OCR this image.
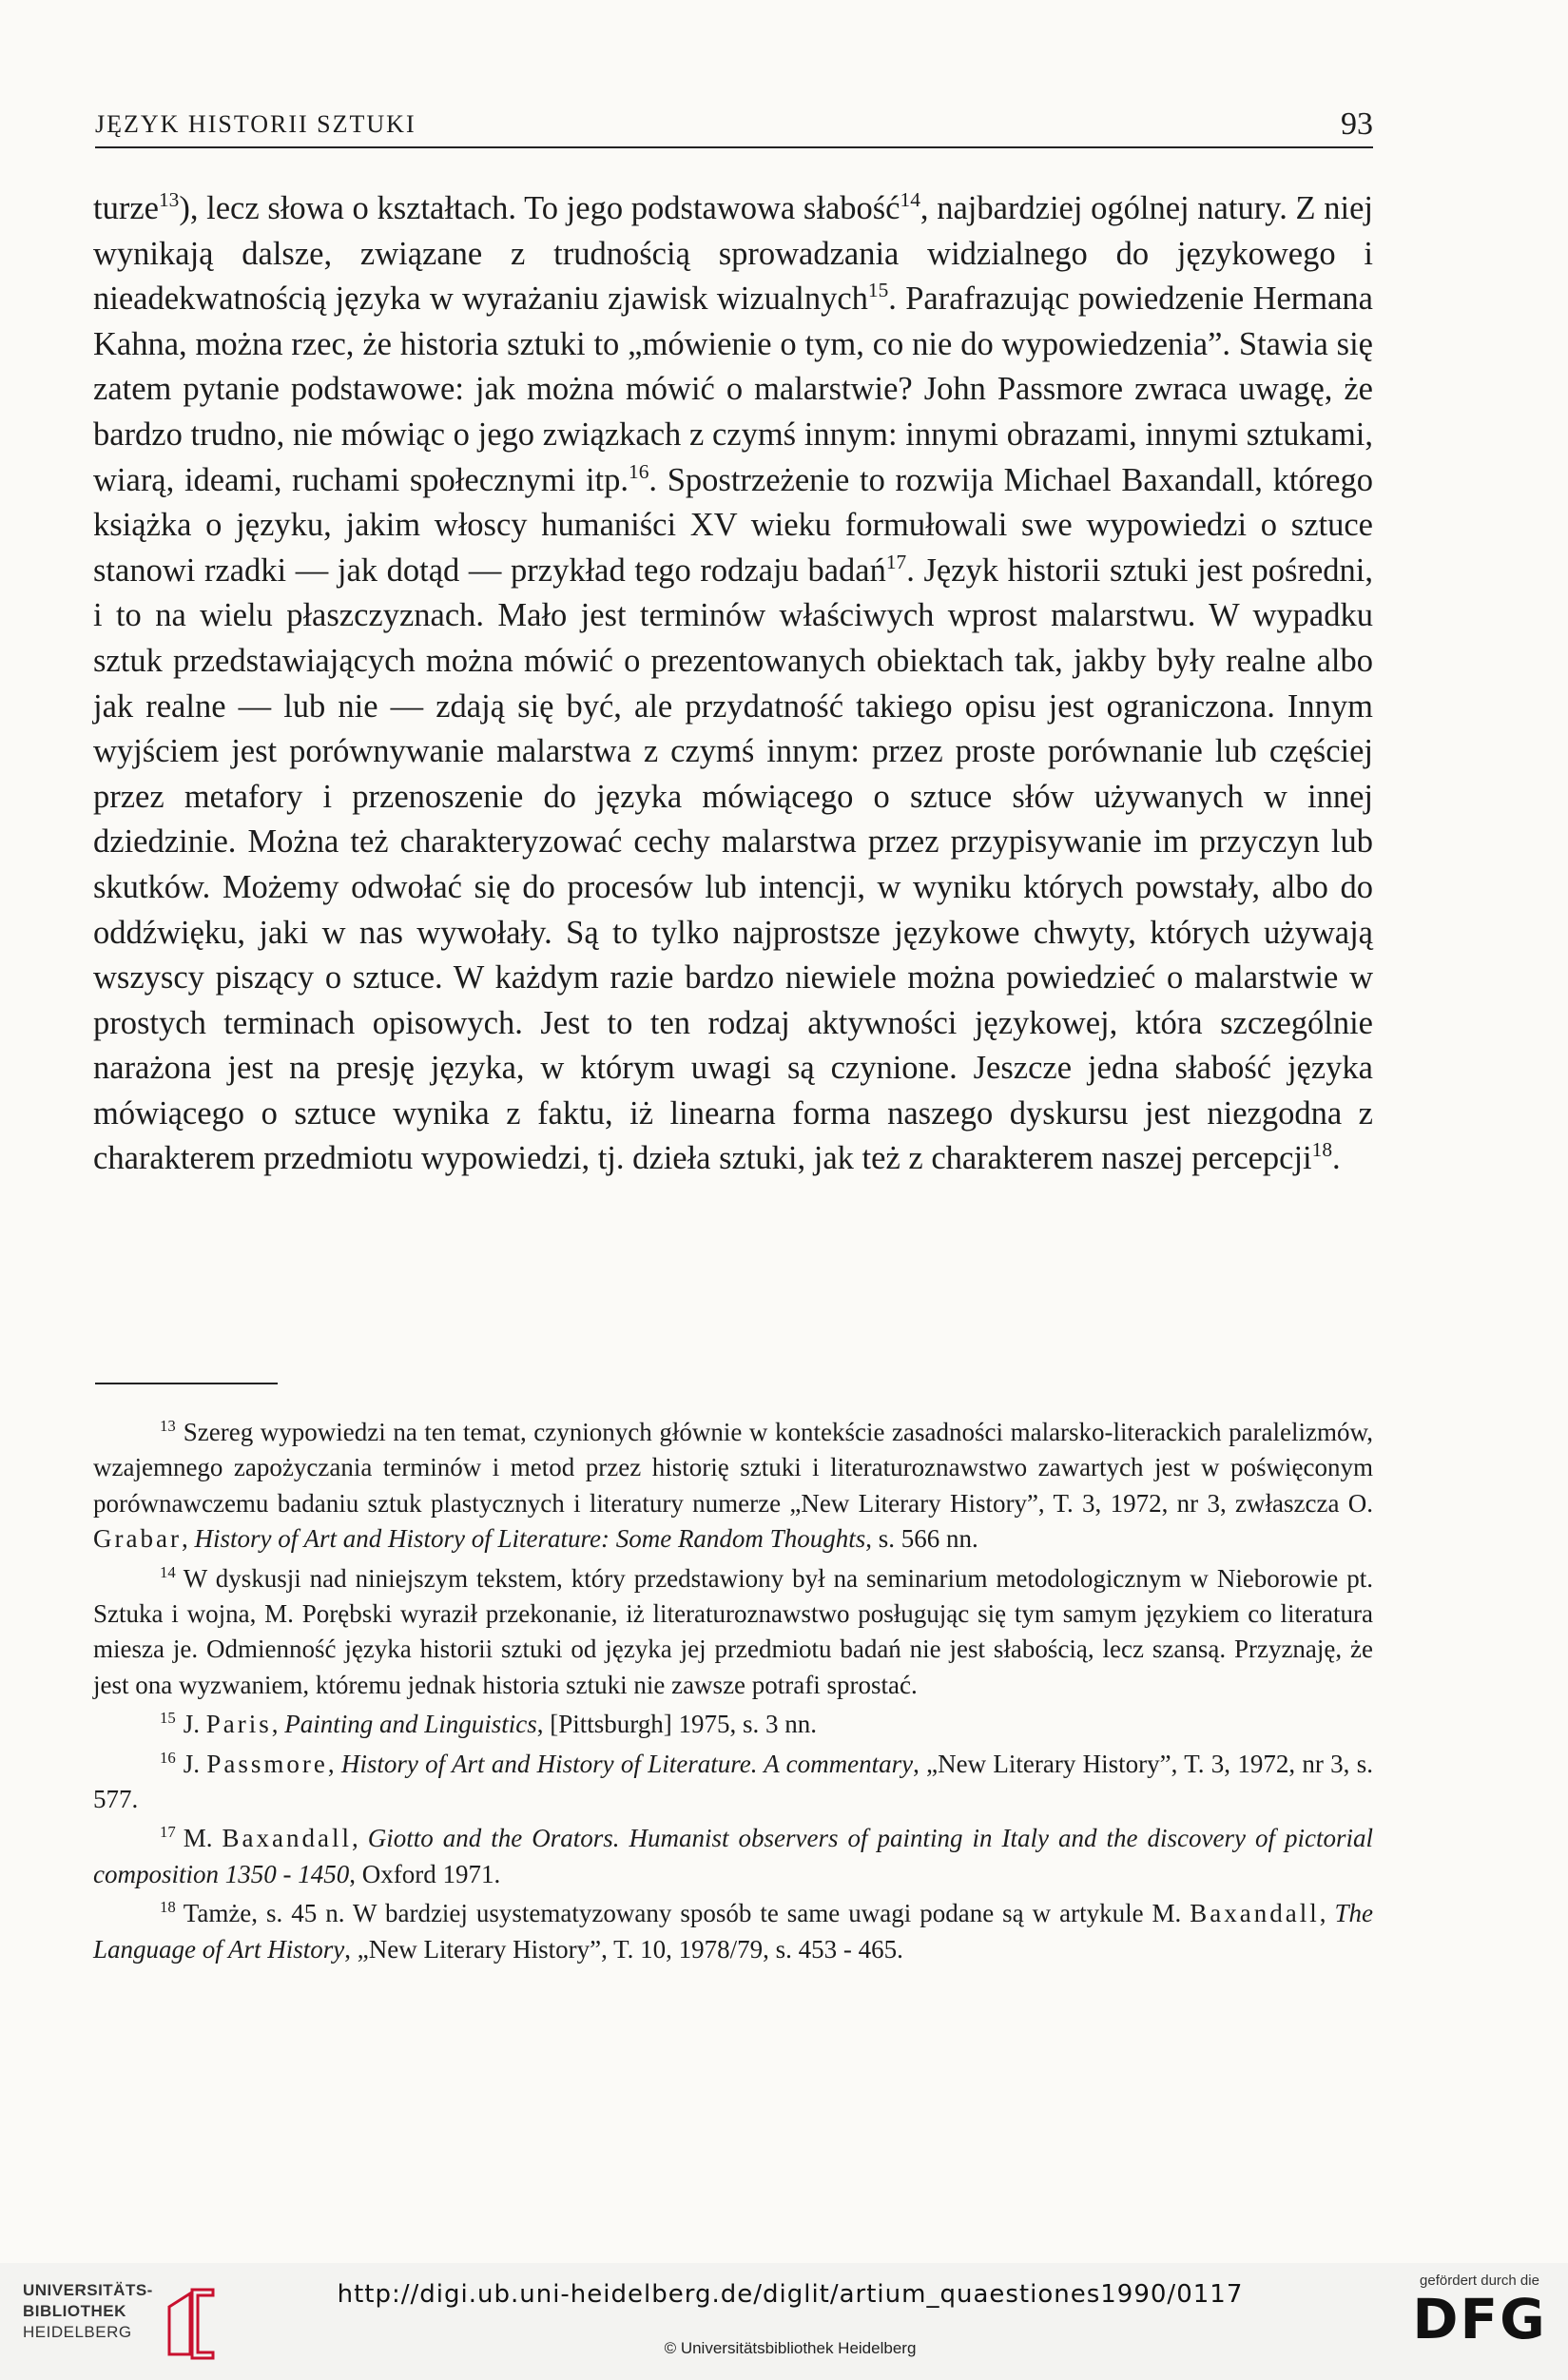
JĘZYK HISTORII SZTUKI	93

turze$^{13}$), lecz słowa o kształtach. To jego podstawowa słabość$^{14}$, najbardziej ogólnej natury. Z niej wynikają dalsze, związane z trudnością sprowadzania widzialnego do językowego i nieadekwatnością języka w wyrażaniu zjawisk wizualnych$^{15}$. Parafrazując powiedzenie Hermana Kahna, można rzec, że historia sztuki to „mówienie o tym, co nie do wypowiedzenia”. Stawia się zatem pytanie podstawowe: jak można mówić o malarstwie? John Passmore zwraca uwagę, że bardzo trudno, nie mówiąc o jego związkach z czymś innym: innymi obrazami, innymi sztukami, wiarą, ideami, ruchami społecznymi itp.$^{16}$. Spostrzeżenie to rozwija Michael Baxandall, którego książka o języku, jakim włoscy humaniści XV wieku formułowali swe wypowiedzi o sztuce stanowi rzadki — jak dotąd — przykład tego rodzaju badań$^{17}$. Język historii sztuki jest pośredni, i to na wielu płaszczyznach. Mało jest terminów właściwych wprost malarstwu. W wypadku sztuk przedstawiających można mówić o prezentowanych obiektach tak, jakby były realne albo jak realne — lub nie — zdają się być, ale przydatność takiego opisu jest ograniczona. Innym wyjściem jest porównywanie malarstwa z czymś innym: przez proste porównanie lub częściej przez metafory i przenoszenie do języka mówiącego o sztuce słów używanych w innej dziedzinie. Można też charakteryzować cechy malarstwa przez przypisywanie im przyczyn lub skutków. Możemy odwołać się do procesów lub intencji, w wyniku których powstały, albo do oddźwięku, jaki w nas wywołały. Są to tylko najprostsze językowe chwyty, których używają wszyscy piszący o sztuce. W każdym razie bardzo niewiele można powiedzieć o malarstwie w prostych terminach opisowych. Jest to ten rodzaj aktywności językowej, która szczególnie narażona jest na presję języka, w którym uwagi są czynione. Jeszcze jedna słabość języka mówiącego o sztuce wynika z faktu, iż linearna forma naszego dyskursu jest niezgodna z charakterem przedmiotu wypowiedzi, tj. dzieła sztuki, jak też z charakterem naszej percepcji$^{18}$.

$^{13}$ Szereg wypowiedzi na ten temat, czynionych głównie w kontekście zasadności malarsko-literackich paralelizmów, wzajemnego zapożyczania terminów i metod przez historię sztuki i literaturoznawstwo zawartych jest w poświęconym porównawczemu badaniu sztuk plastycznych i literatury numerze „New Literary History”, T. 3, 1972, nr 3, zwłaszcza O. Grabar, History of Art and History of Literature: Some Random Thoughts, s. 566 nn.

$^{14}$ W dyskusji nad niniejszym tekstem, który przedstawiony był na seminarium metodologicznym w Nieborowie pt. Sztuka i wojna, M. Porębski wyraził przekonanie, iż literaturoznawstwo posługując się tym samym językiem co literatura miesza je. Odmienność języka historii sztuki od języka jej przedmiotu badań nie jest słabością, lecz szansą. Przyznaję, że jest ona wyzwaniem, któremu jednak historia sztuki nie zawsze potrafi sprostać.

$^{15}$ J. Paris, Painting and Linguistics, [Pittsburgh] 1975, s. 3 nn.

$^{16}$ J. Passmore, History of Art and History of Literature. A commentary, „New Literary History”, T. 3, 1972, nr 3, s. 577.

$^{17}$ M. Baxandall, Giotto and the Orators. Humanist observers of painting in Italy and the discovery of pictorial composition 1350 - 1450, Oxford 1971.

$^{18}$ Tamże, s. 45 n. W bardziej usystematyzowany sposób te same uwagi podane są w artykule M. Baxandall, The Language of Art History, „New Literary History”, T. 10, 1978/79, s. 453 - 465.

UNIVERSITÄTS-
BIBLIOTHEK
HEIDELBERG
http://digi.ub.uni-heidelberg.de/diglit/artium_quaestiones1990/0117
© Universitätsbibliothek Heidelberg
gefördert durch die
DFG
